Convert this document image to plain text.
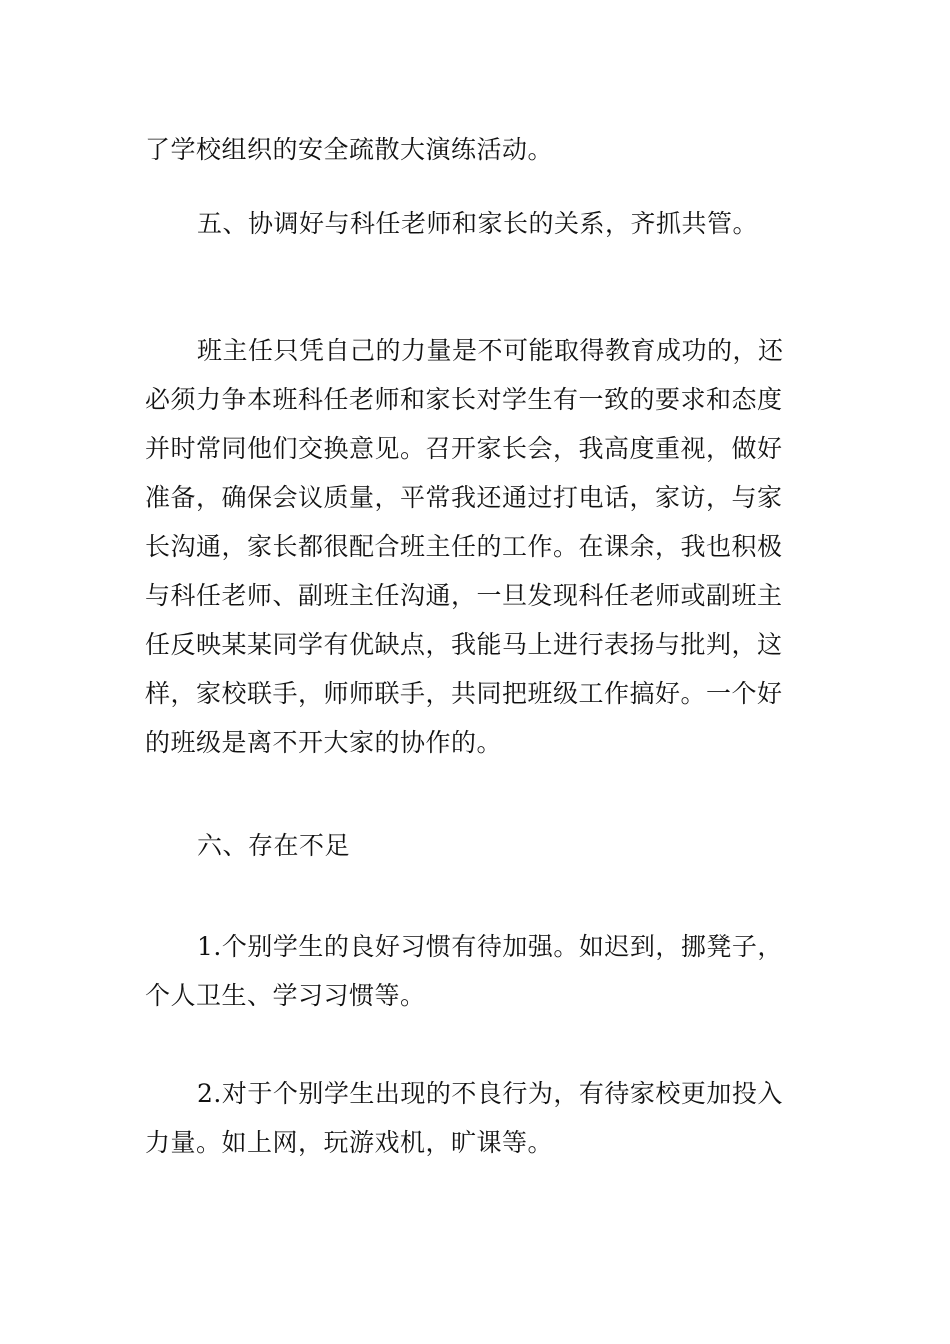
了学校组织的安全疏散大演练活动。

五、协调好与科任老师和家长的关系，齐抓共管。

班主任只凭自己的力量是不可能取得教育成功的，还
必须力争本班科任老师和家长对学生有一致的要求和态度
并时常同他们交换意见。召开家长会，我高度重视，做好
准备，确保会议质量，平常我还通过打电话，家访，与家
长沟通，家长都很配合班主任的工作。在课余，我也积极
与科任老师、副班主任沟通，一旦发现科任老师或副班主
任反映某某同学有优缺点，我能马上进行表扬与批判，这
样，家校联手，师师联手，共同把班级工作搞好。一个好
的班级是离不开大家的协作的。

六、存在不足

1.个别学生的良好习惯有待加强。如迟到，挪凳子，
个人卫生、学习习惯等。

2.对于个别学生出现的不良行为，有待家校更加投入
力量。如上网，玩游戏机，旷课等。
